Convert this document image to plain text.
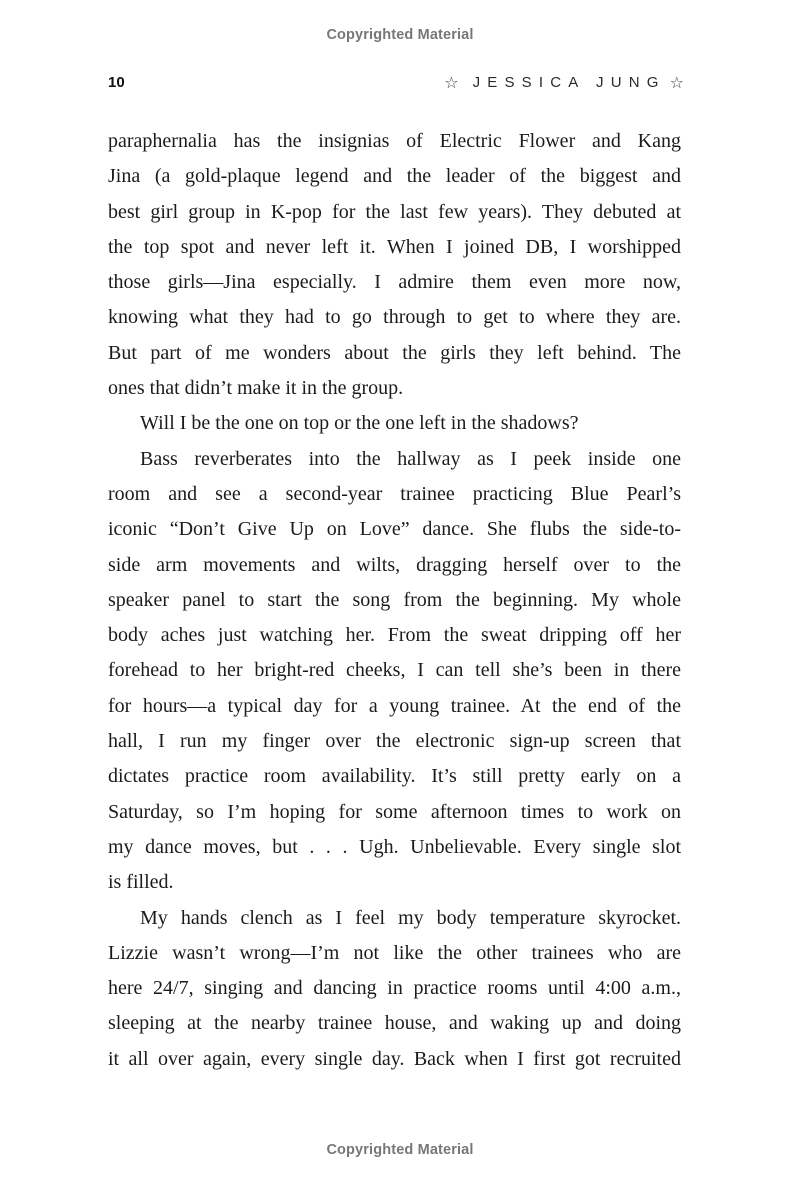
Copyrighted Material
10	☆ JESSICA JUNG ☆
paraphernalia has the insignias of Electric Flower and Kang
Jina (a gold-plaque legend and the leader of the biggest and
best girl group in K-pop for the last few years). They debuted at
the top spot and never left it. When I joined DB, I worshipped
those girls—Jina especially. I admire them even more now,
knowing what they had to go through to get to where they are.
But part of me wonders about the girls they left behind. The
ones that didn’t make it in the group.
Will I be the one on top or the one left in the shadows?
Bass reverberates into the hallway as I peek inside one
room and see a second-year trainee practicing Blue Pearl’s
iconic “Don’t Give Up on Love” dance. She flubs the side-to-
side arm movements and wilts, dragging herself over to the
speaker panel to start the song from the beginning. My whole
body aches just watching her. From the sweat dripping off her
forehead to her bright-red cheeks, I can tell she’s been in there
for hours—a typical day for a young trainee. At the end of the
hall, I run my finger over the electronic sign-up screen that
dictates practice room availability. It’s still pretty early on a
Saturday, so I’m hoping for some afternoon times to work on
my dance moves, but . . . Ugh. Unbelievable. Every single slot
is filled.
My hands clench as I feel my body temperature skyrocket.
Lizzie wasn’t wrong—I’m not like the other trainees who are
here 24/7, singing and dancing in practice rooms until 4:00 a.m.,
sleeping at the nearby trainee house, and waking up and doing
it all over again, every single day. Back when I first got recruited
Copyrighted Material
